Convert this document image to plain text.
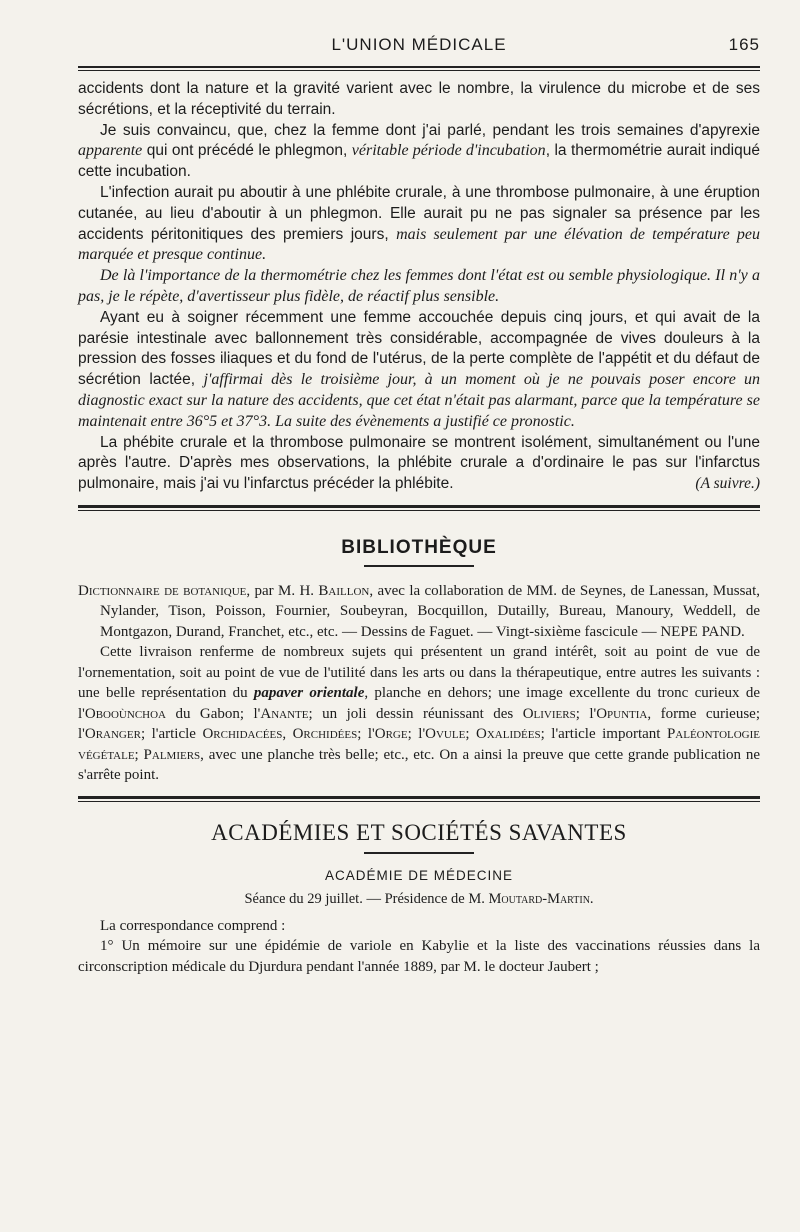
L'UNION MÉDICALE	165

accidents dont la nature et la gravité varient avec le nombre, la virulence du microbe et de ses sécrétions, et la réceptivité du terrain.

Je suis convaincu, que, chez la femme dont j'ai parlé, pendant les trois semaines d'apyrexie apparente qui ont précédé le phlegmon, véritable période d'incubation, la thermométrie aurait indiqué cette incubation.

L'infection aurait pu aboutir à une phlébite crurale, à une thrombose pulmonaire, à une éruption cutanée, au lieu d'aboutir à un phlegmon. Elle aurait pu ne pas signaler sa présence par les accidents péritonitiques des premiers jours, mais seulement par une élévation de température peu marquée et presque continue.

De là l'importance de la thermométrie chez les femmes dont l'état est ou semble physiologique. Il n'y a pas, je le répète, d'avertisseur plus fidèle, de réactif plus sensible.

Ayant eu à soigner récemment une femme accouchée depuis cinq jours, et qui avait de la parésie intestinale avec ballonnement très considérable, accompagnée de vives douleurs à la pression des fosses iliaques et du fond de l'utérus, de la perte complète de l'appétit et du défaut de sécrétion lactée, j'affirmai dès le troisième jour, à un moment où je ne pouvais poser encore un diagnostic exact sur la nature des accidents, que cet état n'était pas alarmant, parce que la température se maintenait entre 36°5 et 37°3. La suite des évènements a justifié ce pronostic.

La phébite crurale et la thrombose pulmonaire se montrent isolément, simultanément ou l'une après l'autre. D'après mes observations, la phlébite crurale a d'ordinaire le pas sur l'infarctus pulmonaire, mais j'ai vu l'infarctus précéder la phlébite.	(A suivre.)

BIBLIOTHÈQUE

Dictionnaire de botanique, par M. H. Baillon, avec la collaboration de MM. de Seynes, de Lanessan, Mussat, Nylander, Tison, Poisson, Fournier, Soubeyran, Bocquillon, Dutailly, Bureau, Manoury, Weddell, de Montgazon, Durand, Franchet, etc., etc. — Dessins de Faguet. — Vingt-sixième fascicule — NEPE PAND.

Cette livraison renferme de nombreux sujets qui présentent un grand intérêt, soit au point de vue de l'ornementation, soit au point de vue de l'utilité dans les arts ou dans la thérapeutique, entre autres les suivants : une belle représentation du papaver orientale, planche en dehors; une image excellente du tronc curieux de l'Obooùnchoa du Gabon; l'Anante; un joli dessin réunissant des Oliviers; l'Opuntia, forme curieuse; l'Oranger; l'article Orchidacées, Orchidées; l'Orge; l'Ovule; Oxalidées; l'article important Paléontologie végétale; Palmiers, avec une planche très belle; etc., etc. On a ainsi la preuve que cette grande publication ne s'arrête point.

ACADÉMIES ET SOCIÉTÉS SAVANTES
ACADÉMIE DE MÉDECINE
Séance du 29 juillet. — Présidence de M. Moutard-Martin.

La correspondance comprend :

1° Un mémoire sur une épidémie de variole en Kabylie et la liste des vaccinations réussies dans la circonscription médicale du Djurdura pendant l'année 1889, par M. le docteur Jaubert ;
